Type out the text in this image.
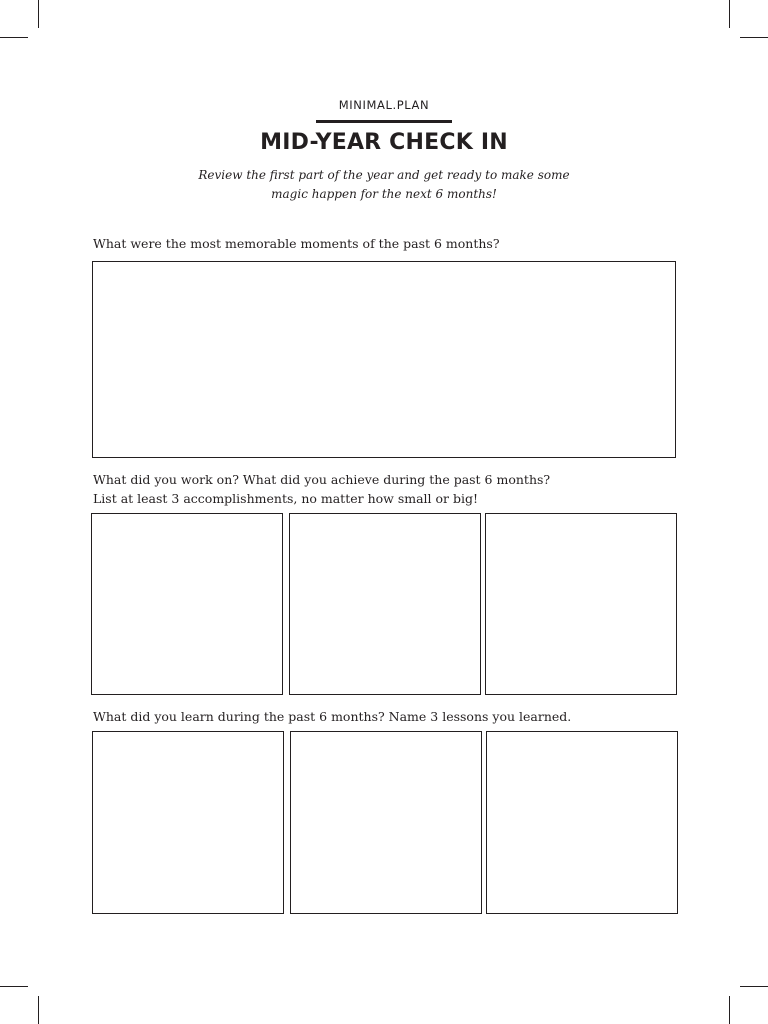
MINIMAL.PLAN
MID-YEAR CHECK IN
Review the first part of the year and get ready to make some
magic happen for the next 6 months!
What were the most memorable moments of the past 6 months?
What did you work on? What did you achieve during the past 6 months?
List at least 3 accomplishments, no matter how small or big!
What did you learn during the past 6 months? Name 3 lessons you learned.
